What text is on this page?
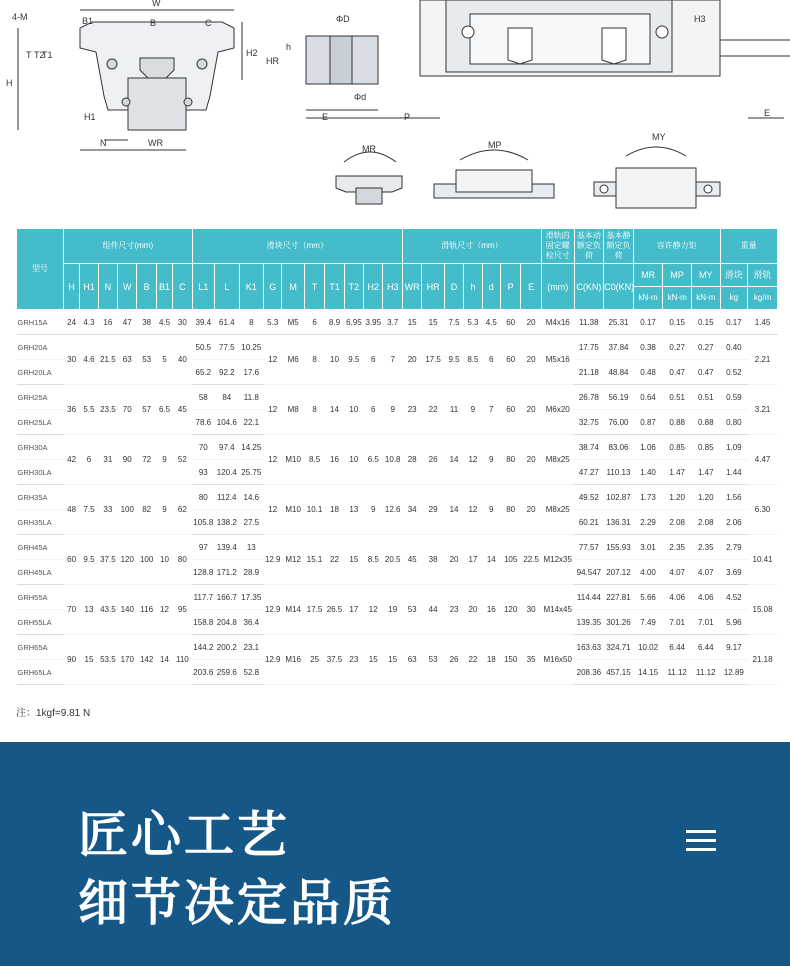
4-M
W
B1	B	C
T T2
T1
H
H1
H2
HR
h
ΦD
Φd
E	P
N	WR
H3
E
MR	MP
MY
型号	组件尺寸(mm)							滑块尺寸（mm）										滑轨尺寸（mm）							滑轨的固定螺栓尺寸	基本动额定负荷	基本静额定负荷	容许静力矩			重量	
	H	H1	N	W	B	B1	C	L1	L	K1	G	M	T	T1	T2	H2	H3	WR	HR	D	h	d	P	E	(mm)	C(KN)	C0(KN)	MR	MP	MY	滑块	滑轨
																												kN-m	kN-m	kN-m	kg	kg/m
GRH15A	24	4.3	16	47	38	4.5	30	39.4	61.4	8	5.3	M5	6	8.9	6.95	3.95	3.7	15	15	7.5	5.3	4.5	60	20	M4x16	11.38	25.31	0.17	0.15	0.15	0.17	1.45
GRH20A	30	4.6	21.5	63	53	5	40	50.5	77.5	10.25	12	M6	8	10	9.5	6	7	20	17.5	9.5	8.5	6	60	20	M5x16	17.75	37.84	0.38	0.27	0.27	0.40	2.21
GRH20LA								65.2	92.2	17.6																21.18	48.84	0.48	0.47	0.47	0.52	
GRH25A	36	5.5	23.5	70	57	6.5	45	58	84	11.8	12	M8	8	14	10	6	9	23	22	11	9	7	60	20	M6x20	26.78	56.19	0.64	0.51	0.51	0.59	3.21
GRH25LA								78.6	104.6	22.1																32.75	76.00	0.87	0.88	0.88	0.80	
GRH30A	42	6	31	90	72	9	52	70	97.4	14.25	12	M10	8.5	16	10	6.5	10.8	28	26	14	12	9	80	20	M8x25	38.74	83.06	1.06	0.85	0.85	1.09	4.47
GRH30LA								93	120.4	25.75																47.27	110.13	1.40	1.47	1.47	1.44	
GRH35A	48	7.5	33	100	82	9	62	80	112.4	14.6	12	M10	10.1	18	13	9	12.6	34	29	14	12	9	80	20	M8x25	49.52	102.87	1.73	1.20	1.20	1.56	6.30
GRH35LA								105.8	138.2	27.5																60.21	136.31	2.29	2.08	2.08	2.06	
GRH45A	60	9.5	37.5	120	100	10	80	97	139.4	13	12.9	M12	15.1	22	15	8.5	20.5	45	38	20	17	14	105	22.5	M12x35	77.57	155.93	3.01	2.35	2.35	2.79	10.41
GRH45LA								128.8	171.2	28.9																94.547	207.12	4.00	4.07	4.07	3.69	
GRH55A	70	13	43.5	140	116	12	95	117.7	166.7	17.35	12.9	M14	17.5	26.5	17	12	19	53	44	23	20	16	120	30	M14x45	114.44	227.81	5.66	4.06	4.06	4.52	15.08
GRH55LA								158.8	204.8	36.4																139.35	301.26	7.49	7.01	7.01	5.96	
GRH65A	90	15	53.5	170	142	14	110	144.2	200.2	23.1	12.9	M16	25	37.5	23	15	15	63	53	26	22	18	150	35	M16x50	163.63	324.71	10.02	6.44	6.44	9.17	21.18
GRH65LA								203.6	259.6	52.8																208.36	457.15	14.15	11.12	11.12	12.89	
注：1kgf=9.81 N
匠心工艺
细节决定品质
